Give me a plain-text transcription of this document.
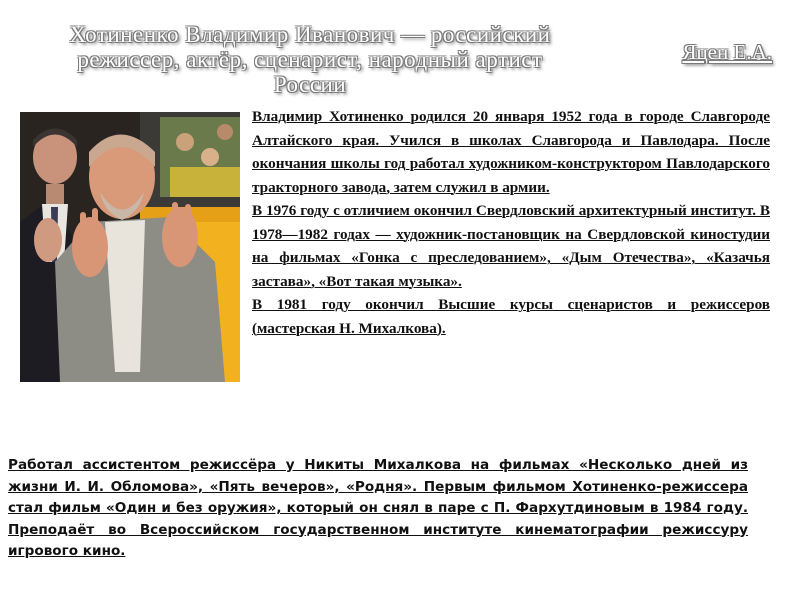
Хотиненко Владимир Иванович — российский режиссер, актёр, сценарист, народный артист России
Яцен Е.А.

Владимир Хотиненко родился 20 января 1952 года в городе Славгороде Алтайского края. Учился в школах Славгорода и Павлодара. После окончания школы год работал художником-конструктором Павлодарского тракторного завода, затем служил в армии.

В 1976 году с отличием окончил Свердловский архитектурный институт. В 1978—1982 годах — художник-постановщик на Свердловской киностудии на фильмах «Гонка с преследованием», «Дым Отечества», «Казачья застава», «Вот такая музыка».

В 1981 году окончил Высшие курсы сценаристов и режиссеров (мастерская Н. Михалкова).

Работал ассистентом режиссёра у Никиты Михалкова на фильмах «Несколько дней из жизни И. И. Обломова», «Пять вечеров», «Родня». Первым фильмом Хотиненко-режиссера стал фильм «Один и без оружия», который он снял в паре с П. Фархутдиновым в 1984 году. Преподаёт во Всероссийском государственном институте кинематографии режиссуру игрового кино.
